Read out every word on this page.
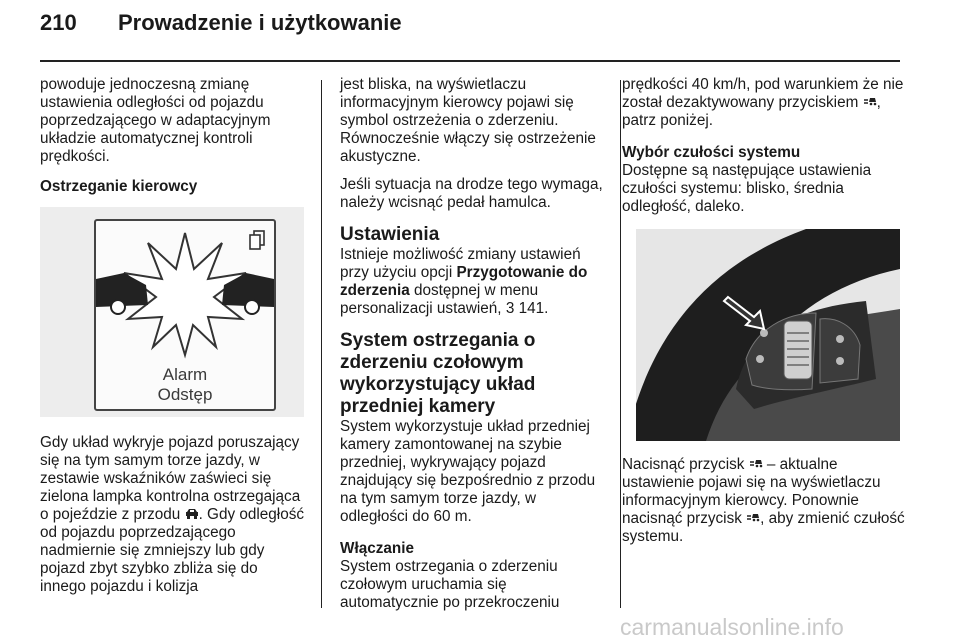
210 Prowadzenie i użytkowanie

powoduje jednoczesną zmianę ustawienia odległości od pojazdu poprzedzającego w adaptacyjnym układzie automatycznej kontroli prędkości.

Ostrzeganie kierowcy

Alarm
Odstęp

Gdy układ wykryje pojazd poruszający się na tym samym torze jazdy, w zestawie wskaźników zaświeci się zielona lampka kontrolna ostrzegająca o pojeździe z przodu . Gdy odległość od pojazdu poprzedzającego nadmiernie się zmniejszy lub gdy pojazd zbyt szybko zbliża się do innego pojazdu i kolizja

jest bliska, na wyświetlaczu informacyjnym kierowcy pojawi się symbol ostrzeżenia o zderzeniu. Równocześnie włączy się ostrzeżenie akustyczne.

Jeśli sytuacja na drodze tego wymaga, należy wcisnąć pedał hamulca.

Ustawienia

Istnieje możliwość zmiany ustawień przy użyciu opcji Przygotowanie do zderzenia dostępnej w menu personalizacji ustawień, 3 141.

System ostrzegania o zderzeniu czołowym wykorzystujący układ przedniej kamery

System wykorzystuje układ przedniej kamery zamontowanej na szybie przedniej, wykrywający pojazd znajdujący się bezpośrednio z przodu na tym samym torze jazdy, w odległości do 60 m.

Włączanie

System ostrzegania o zderzeniu czołowym uruchamia się automatycznie po przekroczeniu

prędkości 40 km/h, pod warunkiem że nie został dezaktywowany przyciskiem , patrz poniżej.

Wybór czułości systemu

Dostępne są następujące ustawienia czułości systemu: blisko, średnia odległość, daleko.

Nacisnąć przycisk  – aktualne ustawienie pojawi się na wyświetlaczu informacyjnym kierowcy. Ponownie nacisnąć przycisk , aby zmienić czułość systemu.

carmanualsonline.info
